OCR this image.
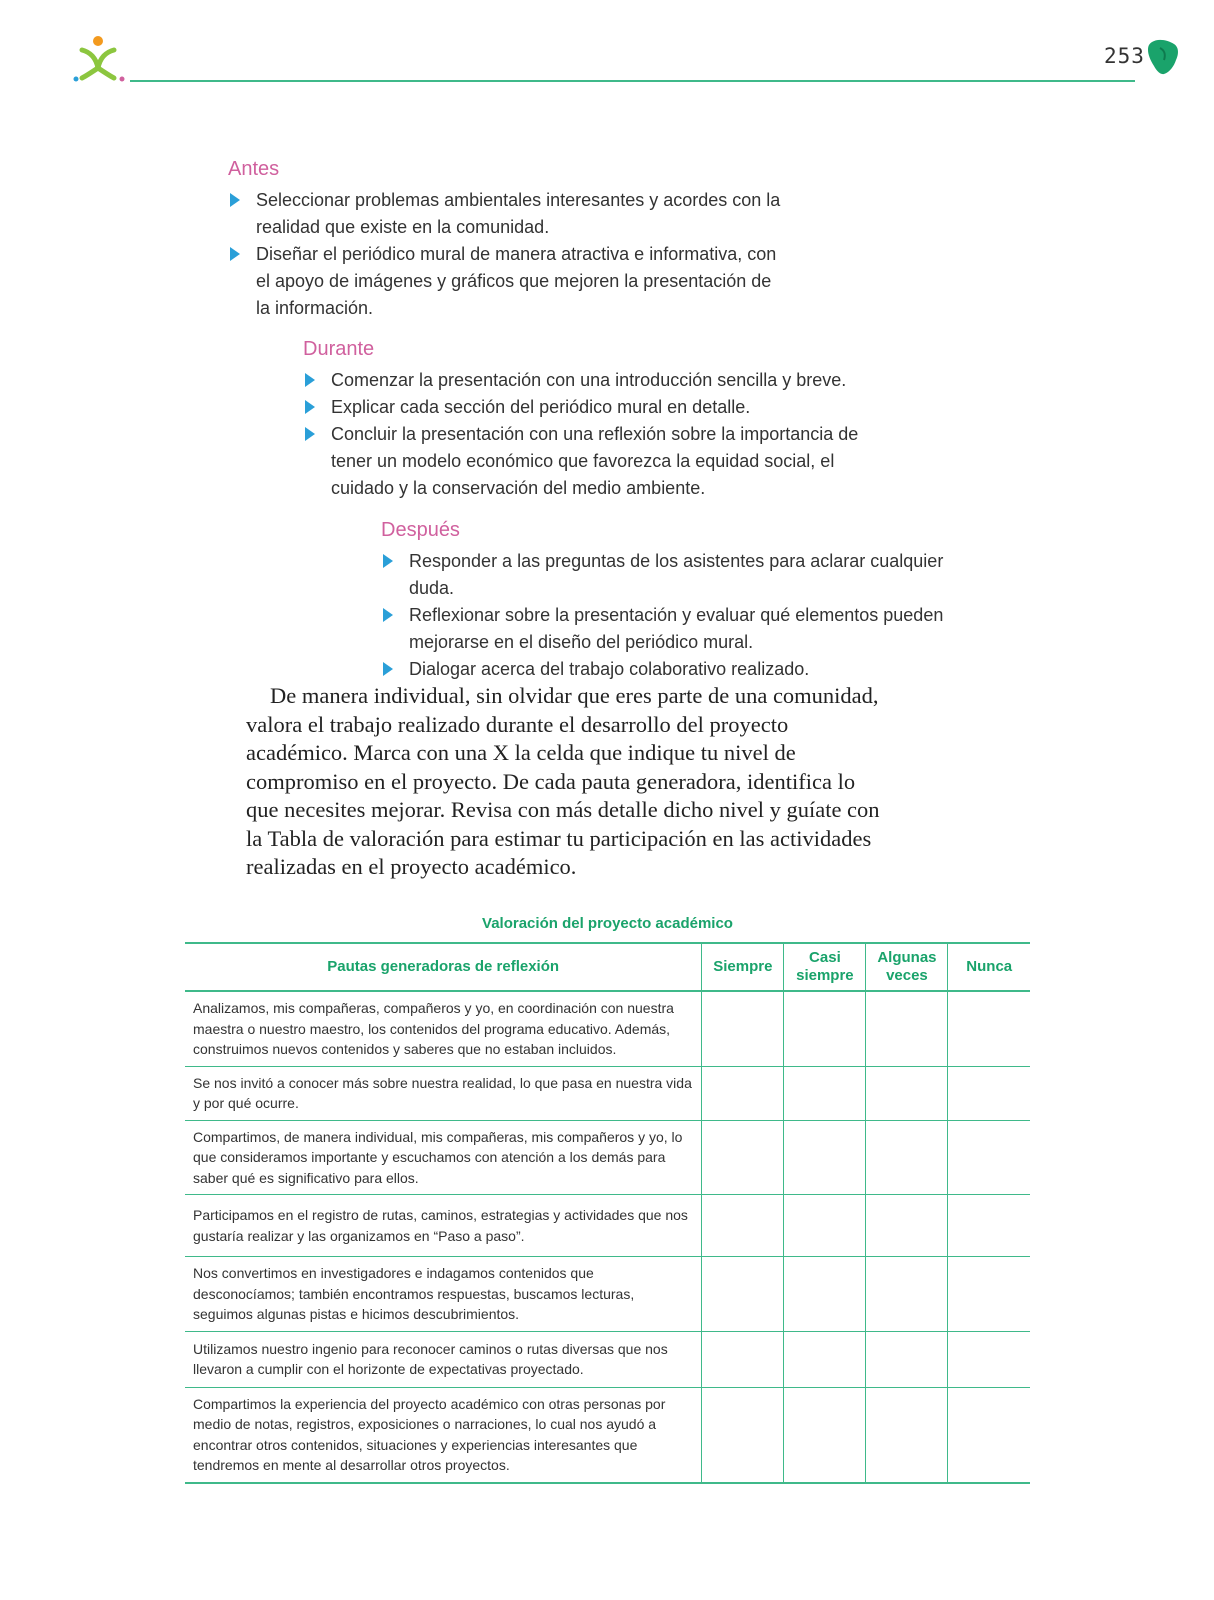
253
Antes
Seleccionar problemas ambientales interesantes y acordes con la realidad que existe en la comunidad.
Diseñar el periódico mural de manera atractiva e informativa, con el apoyo de imágenes y gráficos que mejoren la presentación de la información.
Durante
Comenzar la presentación con una introducción sencilla y breve.
Explicar cada sección del periódico mural en detalle.
Concluir la presentación con una reflexión sobre la importancia de tener un modelo económico que favorezca la equidad social, el cuidado y la conservación del medio ambiente.
Después
Responder a las preguntas de los asistentes para aclarar cualquier duda.
Reflexionar sobre la presentación y evaluar qué elementos pueden mejorarse en el diseño del periódico mural.
Dialogar acerca del trabajo colaborativo realizado.

De manera individual, sin olvidar que eres parte de una comunidad, valora el trabajo realizado durante el desarrollo del proyecto académico. Marca con una X la celda que indique tu nivel de compromiso en el proyecto. De cada pauta generadora, identifica lo que necesites mejorar. Revisa con más detalle dicho nivel y guíate con la Tabla de valoración para estimar tu participación en las actividades realizadas en el proyecto académico.

Valoración del proyecto académico
Pautas generadoras de reflexión	Siempre	Casi siempre	Algunas veces	Nunca
Analizamos, mis compañeras, compañeros y yo, en coordinación con nuestra maestra o nuestro maestro, los contenidos del programa educativo. Además, construimos nuevos contenidos y saberes que no estaban incluidos.				
Se nos invitó a conocer más sobre nuestra realidad, lo que pasa en nuestra vida y por qué ocurre.				
Compartimos, de manera individual, mis compañeras, mis compañeros y yo, lo que consideramos importante y escuchamos con atención a los demás para saber qué es significativo para ellos.				
Participamos en el registro de rutas, caminos, estrategias y actividades que nos gustaría realizar y las organizamos en “Paso a paso”.				
Nos convertimos en investigadores e indagamos contenidos que desconocíamos; también encontramos respuestas, buscamos lecturas, seguimos algunas pistas e hicimos descubrimientos.				
Utilizamos nuestro ingenio para reconocer caminos o rutas diversas que nos llevaron a cumplir con el horizonte de expectativas proyectado.				
Compartimos la experiencia del proyecto académico con otras personas por medio de notas, registros, exposiciones o narraciones, lo cual nos ayudó a encontrar otros contenidos, situaciones y experiencias interesantes que tendremos en mente al desarrollar otros proyectos.				
